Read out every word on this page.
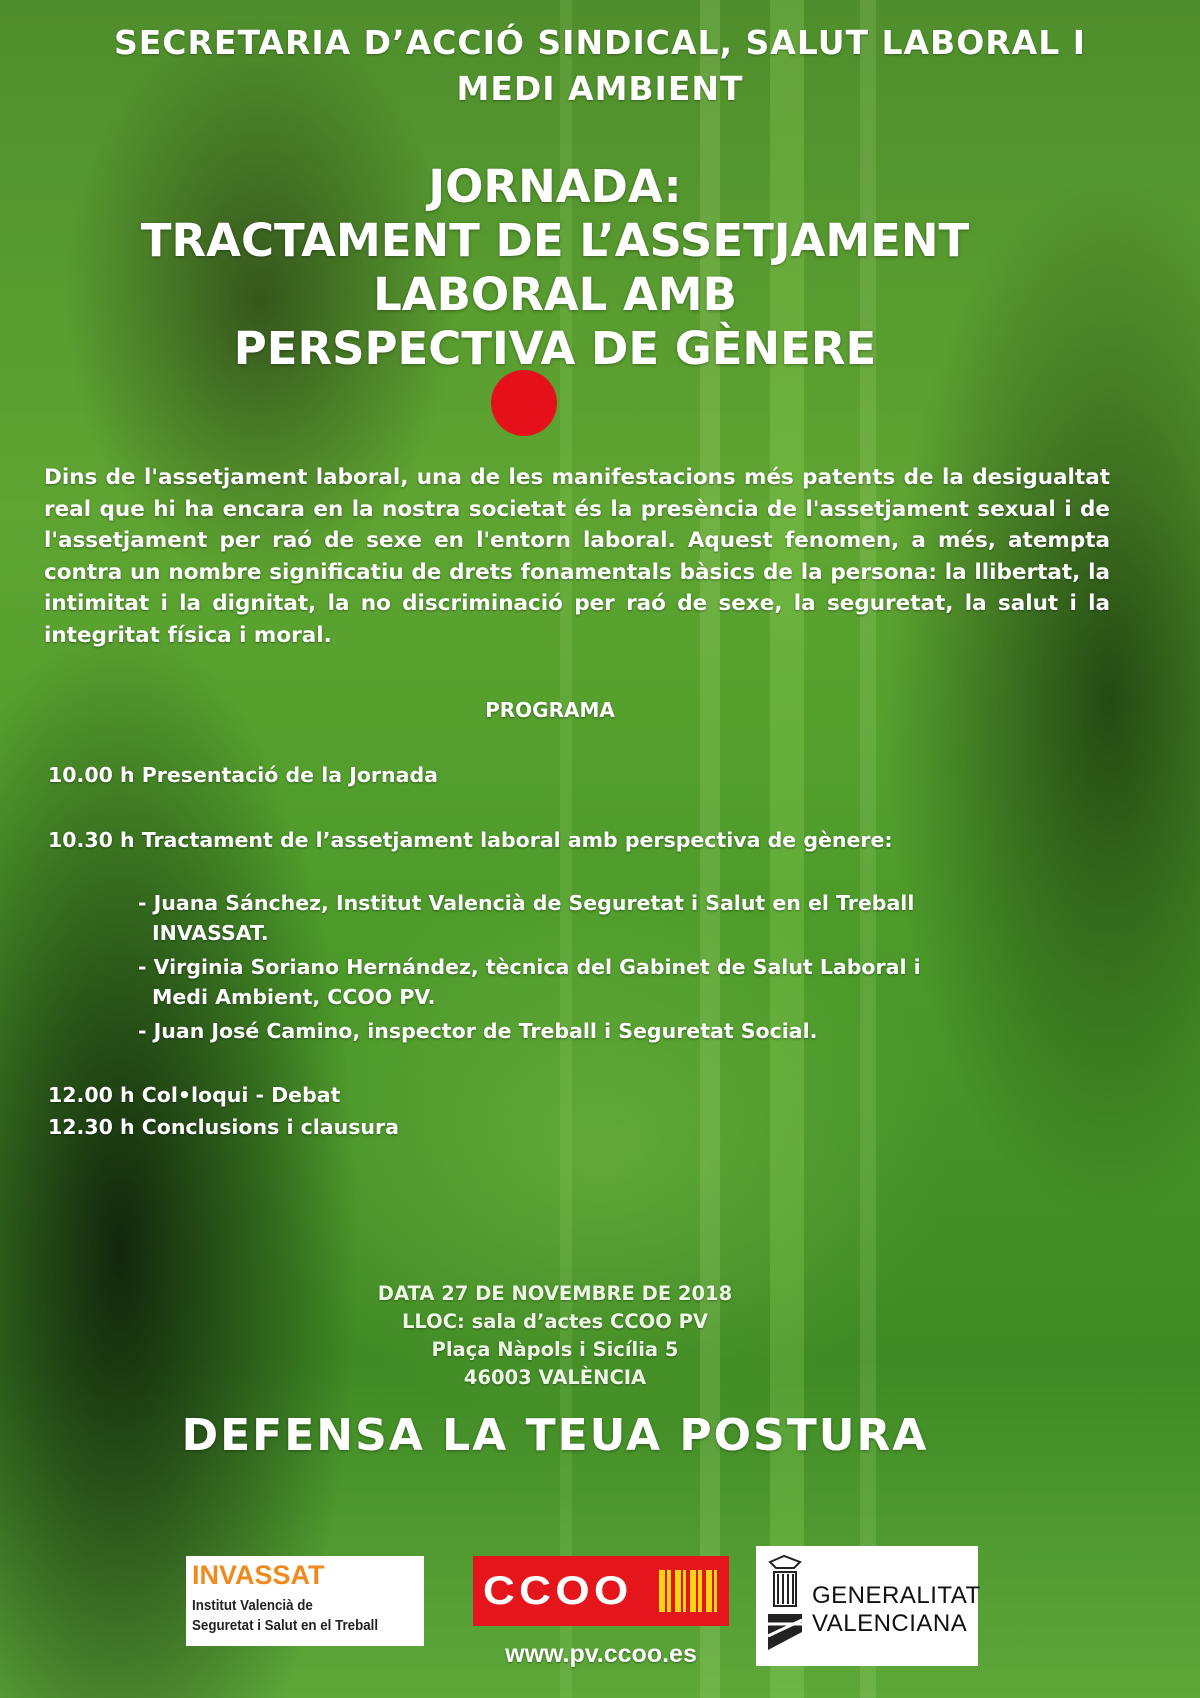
SECRETARIA D’ACCIÓ SINDICAL, SALUT LABORAL I
MEDI AMBIENT
JORNADA:
TRACTAMENT DE L’ASSETJAMENT
LABORAL AMB
PERSPECTIVA DE GÈNERE
Dins de l'assetjament laboral, una de les manifestacions més patents de la desigualtat real que hi ha encara en la nostra societat és la presència de l'assetjament sexual i de l'assetjament per raó de sexe en l'entorn laboral. Aquest fenomen, a més, atempta contra un nombre significatiu de drets fonamentals bàsics de la persona: la llibertat, la intimitat i la dignitat, la no discriminació per raó de sexe, la seguretat, la salut i la integritat física i moral.
PROGRAMA
10.00 h Presentació de la Jornada
10.30 h Tractament de l’assetjament laboral amb perspectiva de gènere:
- Juana Sánchez, Institut Valencià de Seguretat i Salut en el Treball
INVASSAT.
- Virginia Soriano Hernández, tècnica del Gabinet de Salut Laboral i
Medi Ambient, CCOO PV.
- Juan José Camino, inspector de Treball i Seguretat Social.
12.00 h Col•loqui - Debat
12.30 h Conclusions i clausura
DATA 27 DE NOVEMBRE DE 2018
LLOC: sala d’actes CCOO PV
Plaça Nàpols i Sicília 5
46003 VALÈNCIA
DEFENSA LA TEUA POSTURA
INVASSAT
Institut Valencià de
Seguretat i Salut en el Treball
CCOO
www.pv.ccoo.es
GENERALITAT
VALENCIANA
